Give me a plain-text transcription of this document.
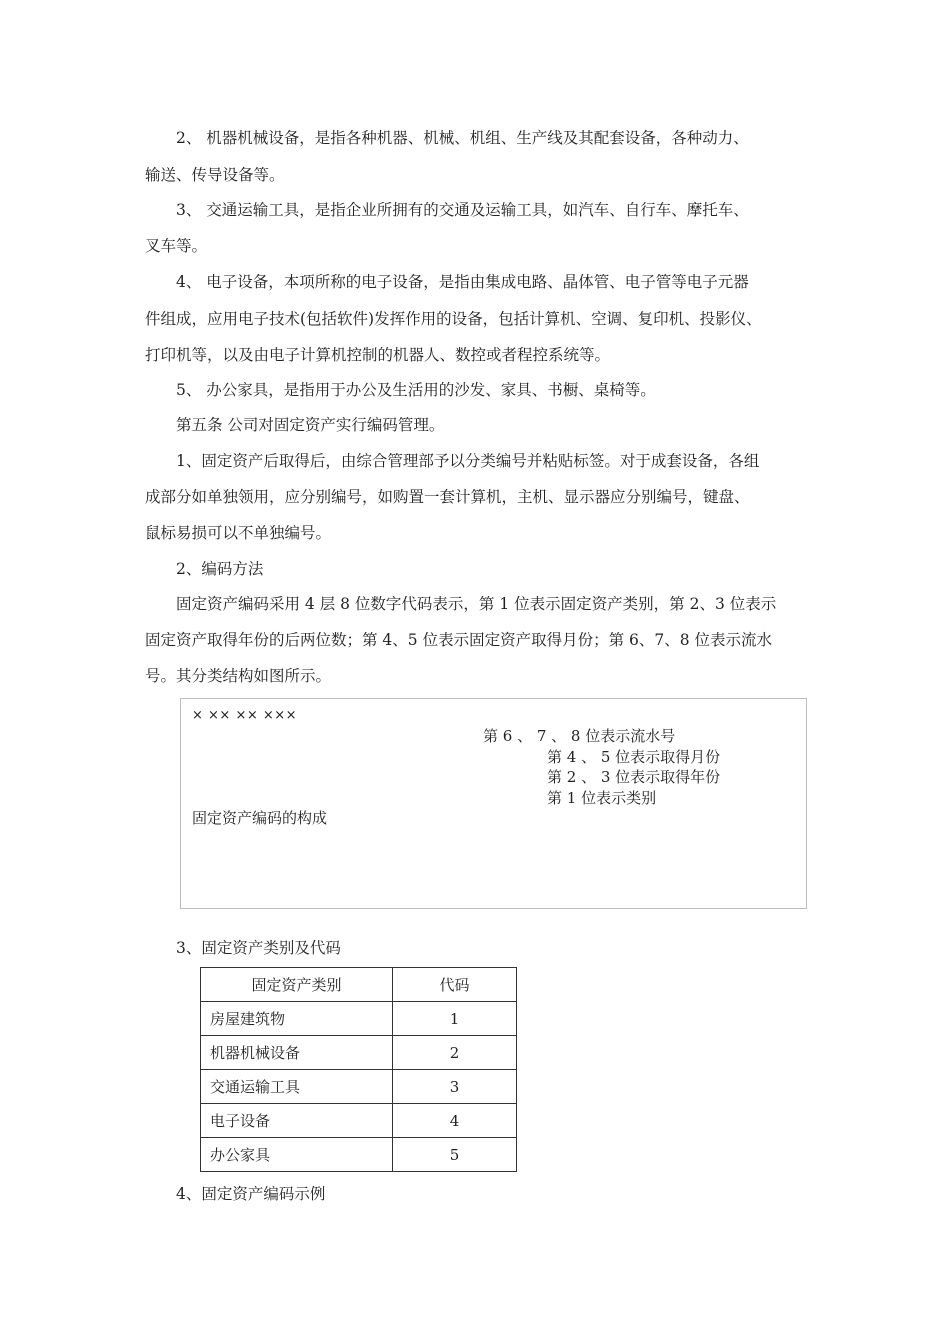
2、 机器机械设备，是指各种机器、机械、机组、生产线及其配套设备，各种动力、
输送、传导设备等。
3、 交通运输工具，是指企业所拥有的交通及运输工具，如汽车、自行车、摩托车、
叉车等。
4、 电子设备，本项所称的电子设备，是指由集成电路、晶体管、电子管等电子元器
件组成，应用电子技术(包括软件)发挥作用的设备，包括计算机、空调、复印机、投影仪、
打印机等，以及由电子计算机控制的机器人、数控或者程控系统等。
5、 办公家具，是指用于办公及生活用的沙发、家具、书橱、桌椅等。
第五条 公司对固定资产实行编码管理。
1、固定资产后取得后，由综合管理部予以分类编号并粘贴标签。对于成套设备，各组
成部分如单独领用，应分别编号，如购置一套计算机，主机、显示器应分别编号，键盘、
鼠标易损可以不单独编号。
2、编码方法
固定资产编码采用 4 层 8 位数字代码表示，第 1 位表示固定资产类别，第 2、3 位表示
固定资产取得年份的后两位数；第 4、5 位表示固定资产取得月份；第 6、7、8 位表示流水
号。其分类结构如图所示。
× ×× ×× ×××
第 6 、 7 、 8 位表示流水号
第 4 、 5 位表示取得月份
第 2 、 3 位表示取得年份
第 1 位表示类别
固定资产编码的构成
3、固定资产类别及代码
固定资产类别	代码
房屋建筑物	1
机器机械设备	2
交通运输工具	3
电子设备	4
办公家具	5
4、固定资产编码示例
